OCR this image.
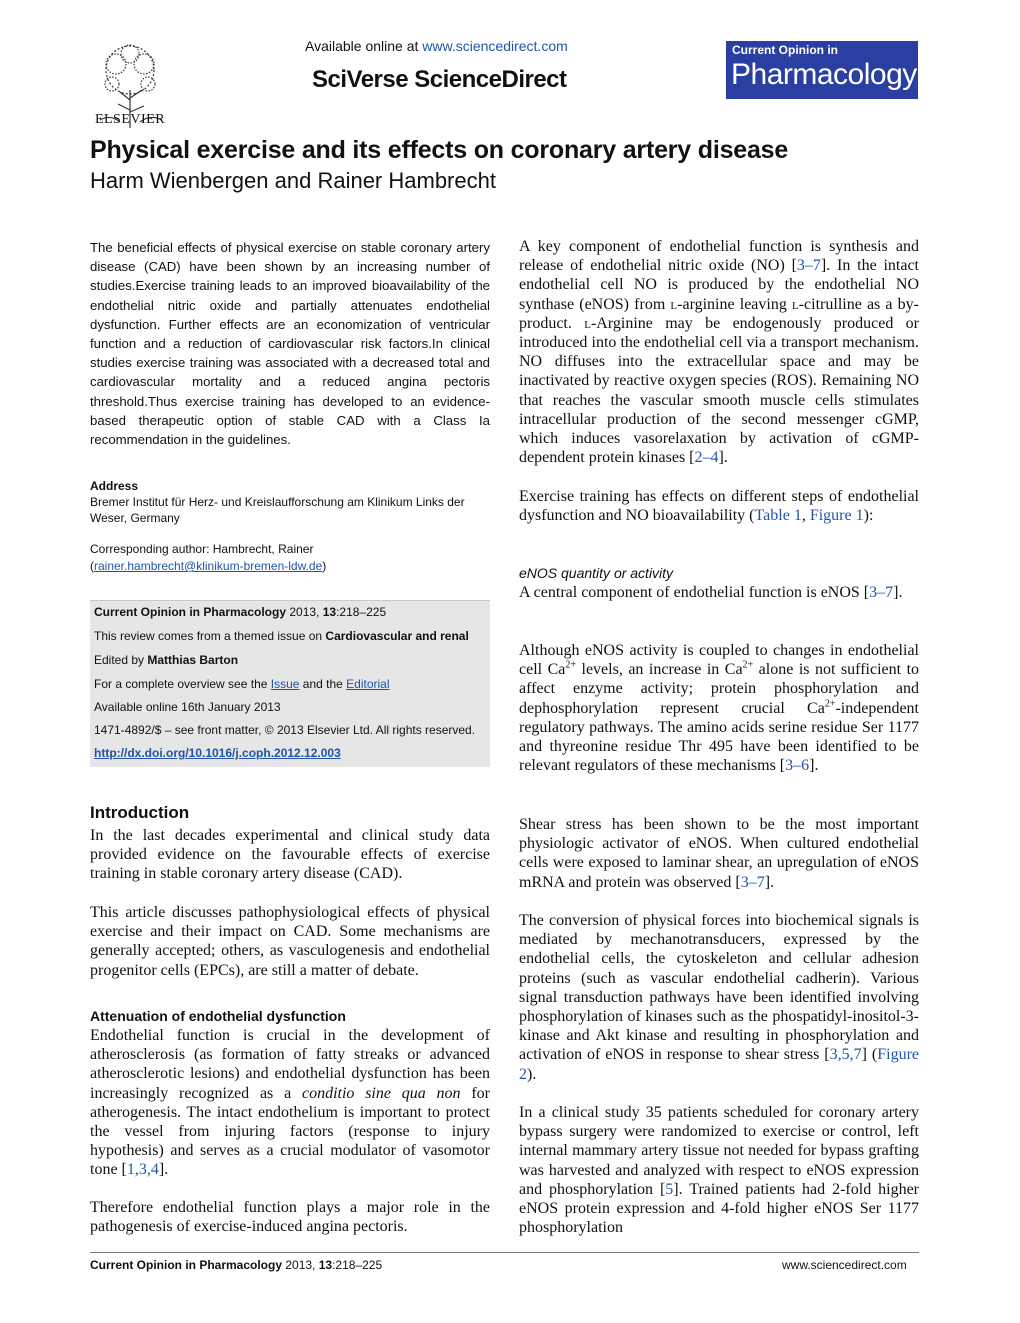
ELSEVIER
Available online at www.sciencedirect.com
SciVerse ScienceDirect
Current Opinion in
Pharmacology
Physical exercise and its effects on coronary artery disease
Harm Wienbergen and Rainer Hambrecht
The beneficial effects of physical exercise on stable coronary artery disease (CAD) have been shown by an increasing number of studies.Exercise training leads to an improved bioavailability of the endothelial nitric oxide and partially attenuates endothelial dysfunction. Further effects are an economization of ventricular function and a reduction of cardiovascular risk factors.In clinical studies exercise training was associated with a decreased total and cardiovascular mortality and a reduced angina pectoris threshold.Thus exercise training has developed to an evidence-based therapeutic option of stable CAD with a Class Ia recommendation in the guidelines.
Address
Bremer Institut für Herz- und Kreislaufforschung am Klinikum Links der Weser, Germany
Corresponding author: Hambrecht, Rainer
(rainer.hambrecht@klinikum-bremen-ldw.de)
Current Opinion in Pharmacology 2013, 13:218–225
This review comes from a themed issue on Cardiovascular and renal
Edited by Matthias Barton
For a complete overview see the Issue and the Editorial
Available online 16th January 2013
1471-4892/$ – see front matter, © 2013 Elsevier Ltd. All rights reserved.
http://dx.doi.org/10.1016/j.coph.2012.12.003
Introduction
In the last decades experimental and clinical study data provided evidence on the favourable effects of exercise training in stable coronary artery disease (CAD).
This article discusses pathophysiological effects of physical exercise and their impact on CAD. Some mechanisms are generally accepted; others, as vasculogenesis and endothelial progenitor cells (EPCs), are still a matter of debate.
Attenuation of endothelial dysfunction
Endothelial function is crucial in the development of atherosclerosis (as formation of fatty streaks or advanced atherosclerotic lesions) and endothelial dysfunction has been increasingly recognized as a conditio sine qua non for atherogenesis. The intact endothelium is important to protect the vessel from injuring factors (response to injury hypothesis) and serves as a crucial modulator of vasomotor tone [1,3,4].
Therefore endothelial function plays a major role in the pathogenesis of exercise-induced angina pectoris.
A key component of endothelial function is synthesis and release of endothelial nitric oxide (NO) [3–7]. In the intact endothelial cell NO is produced by the endothelial NO synthase (eNOS) from l-arginine leaving l-citrulline as a by-product. l-Arginine may be endogenously produced or introduced into the endothelial cell via a transport mechanism. NO diffuses into the extracellular space and may be inactivated by reactive oxygen species (ROS). Remaining NO that reaches the vascular smooth muscle cells stimulates intracellular production of the second messenger cGMP, which induces vasorelaxation by activation of cGMP-dependent protein kinases [2–4].
Exercise training has effects on different steps of endothelial dysfunction and NO bioavailability (Table 1, Figure 1):
eNOS quantity or activity
A central component of endothelial function is eNOS [3–7].
Although eNOS activity is coupled to changes in endothelial cell $Ca^{2+}$ levels, an increase in $Ca^{2+}$ alone is not sufficient to affect enzyme activity; protein phosphorylation and dephosphorylation represent crucial $Ca^{2+}$-independent regulatory pathways. The amino acids serine residue Ser 1177 and thyreonine residue Thr 495 have been identified to be relevant regulators of these mechanisms [3–6].
Shear stress has been shown to be the most important physiologic activator of eNOS. When cultured endothelial cells were exposed to laminar shear, an upregulation of eNOS mRNA and protein was observed [3–7].
The conversion of physical forces into biochemical signals is mediated by mechanotransducers, expressed by the endothelial cells, the cytoskeleton and cellular adhesion proteins (such as vascular endothelial cadherin). Various signal transduction pathways have been identified involving phosphorylation of kinases such as the phospatidyl-inositol-3-kinase and Akt kinase and resulting in phosphorylation and activation of eNOS in response to shear stress [3,5,7] (Figure 2).
In a clinical study 35 patients scheduled for coronary artery bypass surgery were randomized to exercise or control, left internal mammary artery tissue not needed for bypass grafting was harvested and analyzed with respect to eNOS expression and phosphorylation [5]. Trained patients had 2-fold higher eNOS protein expression and 4-fold higher eNOS Ser 1177 phosphorylation
Current Opinion in Pharmacology 2013, 13:218–225	www.sciencedirect.com
